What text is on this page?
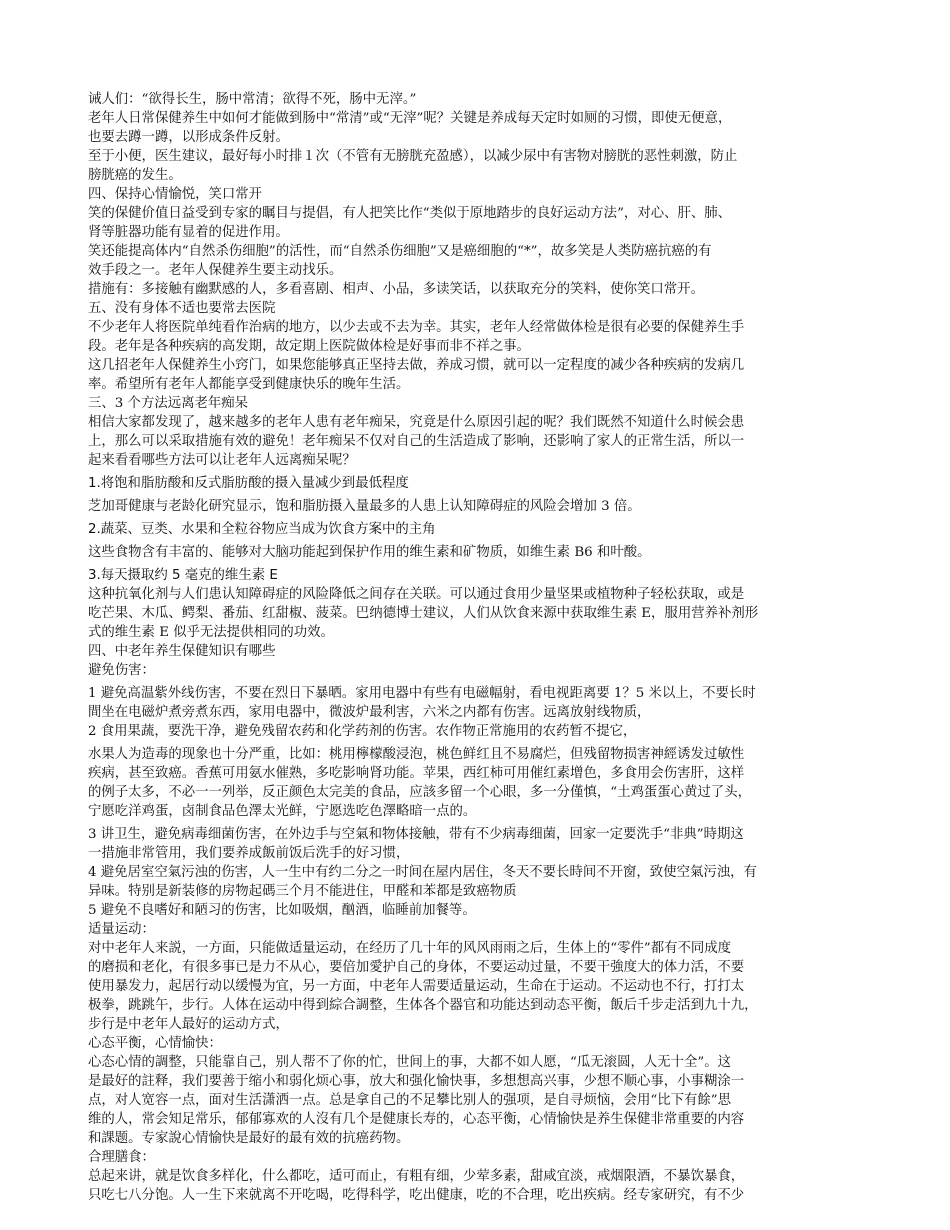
诫人们：“欲得长生，肠中常清；欲得不死，肠中无滓。”
老年人日常保健养生中如何才能做到肠中“常清”或“无滓”呢？关键是养成每天定时如厕的习惯，即使无便意，
也要去蹲一蹲，以形成条件反射。
至于小便，医生建议，最好每小时排１次（不管有无膀胱充盈感），以减少尿中有害物对膀胱的恶性刺激，防止
膀胱癌的发生。
四、保持心情愉悦，笑口常开
笑的保健价值日益受到专家的瞩目与提倡，有人把笑比作“类似于原地踏步的良好运动方法”，对心、肝、肺、
肾等脏器功能有显着的促进作用。
笑还能提高体内“自然杀伤细胞”的活性，而“自然杀伤细胞”又是癌细胞的“*”，故多笑是人类防癌抗癌的有
效手段之一。老年人保健养生要主动找乐。
措施有：多接触有幽默感的人，多看喜剧、相声、小品，多读笑话，以获取充分的笑料，使你笑口常开。
五、没有身体不适也要常去医院
不少老年人将医院单纯看作治病的地方，以少去或不去为幸。其实，老年人经常做体检是很有必要的保健养生手
段。老年是各种疾病的高发期，故定期上医院做体检是好事而非不祥之事。
这几招老年人保健养生小窍门，如果您能够真正坚持去做，养成习惯，就可以一定程度的减少各种疾病的发病几
率。希望所有老年人都能享受到健康快乐的晚年生活。
三、3 个方法远离老年痴呆
相信大家都发现了，越来越多的老年人患有老年痴呆，究竟是什么原因引起的呢？我们既然不知道什么时候会患
上，那么可以采取措施有效的避免！老年痴呆不仅对自己的生活造成了影响，还影响了家人的正常生活，所以一
起来看看哪些方法可以让老年人远离痴呆呢？
1.将饱和脂肪酸和反式脂肪酸的摄入量减少到最低程度
芝加哥健康与老龄化研究显示，饱和脂肪摄入量最多的人患上认知障碍症的风险会增加 3 倍。
2.蔬菜、豆类、水果和全粒谷物应当成为饮食方案中的主角
这些食物含有丰富的、能够对大脑功能起到保护作用的维生素和矿物质，如维生素 B6 和叶酸。
3.每天摄取约 5 毫克的维生素 E
这种抗氧化剂与人们患认知障碍症的风险降低之间存在关联。可以通过食用少量坚果或植物种子轻松获取，或是
吃芒果、木瓜、鳄梨、番茄、红甜椒、菠菜。巴纳德博士建议，人们从饮食来源中获取维生素 E，服用营养补剂形
式的维生素 E 似乎无法提供相同的功效。
四、中老年养生保健知识有哪些
避免伤害：
1 避免高温紫外线伤害，不要在烈日下暴晒。家用电器中有些有电磁幅射，看电视距离要 1？5 米以上，不要长时
間坐在电磁炉煮旁煮东西，家用电器中，微波炉最利害，六米之内都有伤害。远离放射线物质，
2 食用果蔬，要洗干净，避免残留农药和化学药剂的伤害。农作物正常施用的农药暂不提它，
水果人为造毒的现象也十分严重，比如：桃用檸檬酸浸泡，桃色鲜红且不易腐烂，但残留物损害神經诱发过敏性
疾病，甚至致癌。香蕉可用氨水催熟，多吃影响肾功能。苹果，西红柿可用催红素增色，多食用会伤害肝，这样
的例子太多，不必一一列举，反正颜色太完美的食品，应該多留一个心眼，多一分僅慎，“土鸡蛋蛋心黄过了头，
宁愿吃洋鸡蛋，卤制食品色澤太光鲜，宁愿选吃色澤略暗一点的。
3 讲卫生，避免病毒细菌伤害，在外边手与空氣和物体接触，带有不少病毒细菌，回家一定要洗手“非典”時期这
一措施非常管用，我们要养成飯前饭后洗手的好习惯，
4 避免居室空氣污浊的伤害，人一生中有约二分之一时间在屋内居住，冬天不要长時间不开窗，致使空氣污浊，有
异味。特别是新装修的房物起碼三个月不能进住，甲醛和苯都是致癌物质
5 避免不良嗜好和陋习的伤害，比如吸烟，酗酒，临睡前加餐等。
适量运动：
对中老年人来説，一方面，只能做适量运动，在经历了几十年的风风雨雨之后，生体上的“零件”都有不同成度
的磨损和老化，有很多事已是力不从心，要倍加愛护自己的身体，不要运动过量，不要干強度大的体力活，不要
使用暴发力，起居行动以缓慢为宜，另一方面，中老年人需要适量运动，生命在于运动。不运动也不行，打打太
极拳，跳跳午，步行。人体在运动中得到綜合調整，生体各个器官和功能达到动态平衡，飯后千步走活到九十九，
步行是中老年人最好的运动方式，
心态平衡，心情愉快：
心态心情的調整，只能靠自己，别人帮不了你的忙，世间上的事，大都不如人愿，“瓜无滚圆，人无十全”。这
是最好的註释，我们要善于缩小和弱化烦心事，放大和强化愉快事，多想想高兴事，少想不顺心事，小事糊涂一
点，对人宽容一点，面对生活潇洒一点。总是拿自己的不足攀比别人的强项，是自寻烦恼，会用“比下有餘”思
维的人，常会知足常乐，郁郁寡欢的人沒有几个是健康长寿的，心态平衡，心情愉快是养生保健非常重要的内容
和課题。专家說心情愉快是最好的最有效的抗癌药物。
合理膳食：
总起来讲，就是饮食多样化，什么都吃，适可而止，有粗有细，少荤多素，甜咸宜淡，戒烟限酒，不暴饮暴食，
只吃七八分饱。人一生下来就离不开吃喝，吃得科学，吃出健康，吃的不合理，吃出疾病。经专家研究，有不少
